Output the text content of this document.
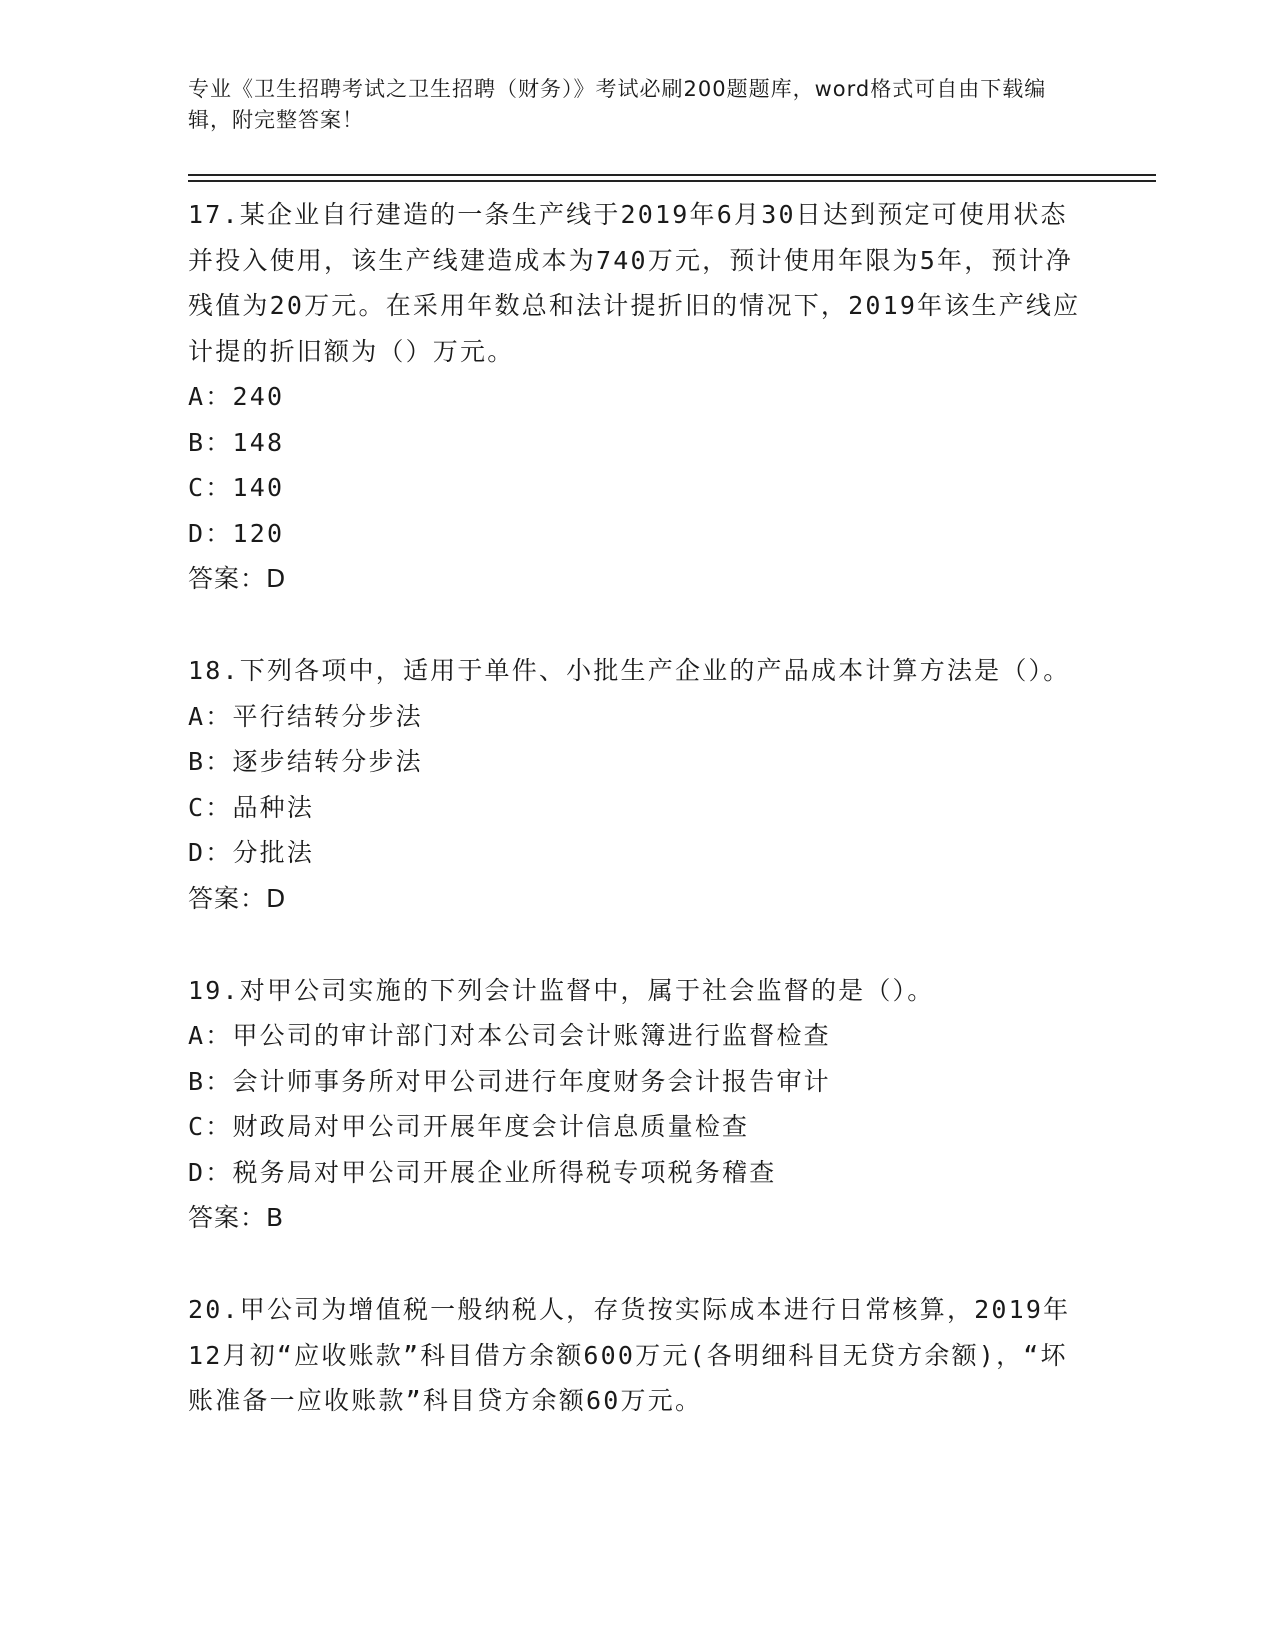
专业《卫生招聘考试之卫生招聘（财务）》考试必刷200题题库，word格式可自由下载编辑，附完整答案！
17.某企业自行建造的一条生产线于2019年6月30日达到预定可使用状态并投入使用，该生产线建造成本为740万元，预计使用年限为5年，预计净残值为20万元。在采用年数总和法计提折旧的情况下，2019年该生产线应计提的折旧额为（）万元。
A：240
B：148
C：140
D：120
答案：D
18.下列各项中，适用于单件、小批生产企业的产品成本计算方法是（）。
A：平行结转分步法
B：逐步结转分步法
C：品种法
D：分批法
答案：D
19.对甲公司实施的下列会计监督中，属于社会监督的是（）。
A：甲公司的审计部门对本公司会计账簿进行监督检查
B：会计师事务所对甲公司进行年度财务会计报告审计
C：财政局对甲公司开展年度会计信息质量检查
D：税务局对甲公司开展企业所得税专项税务稽查
答案：B
20.甲公司为增值税一般纳税人，存货按实际成本进行日常核算，2019年12月初“应收账款”科目借方余额600万元(各明细科目无贷方余额)，“坏账准备一应收账款”科目贷方余额60万元。
